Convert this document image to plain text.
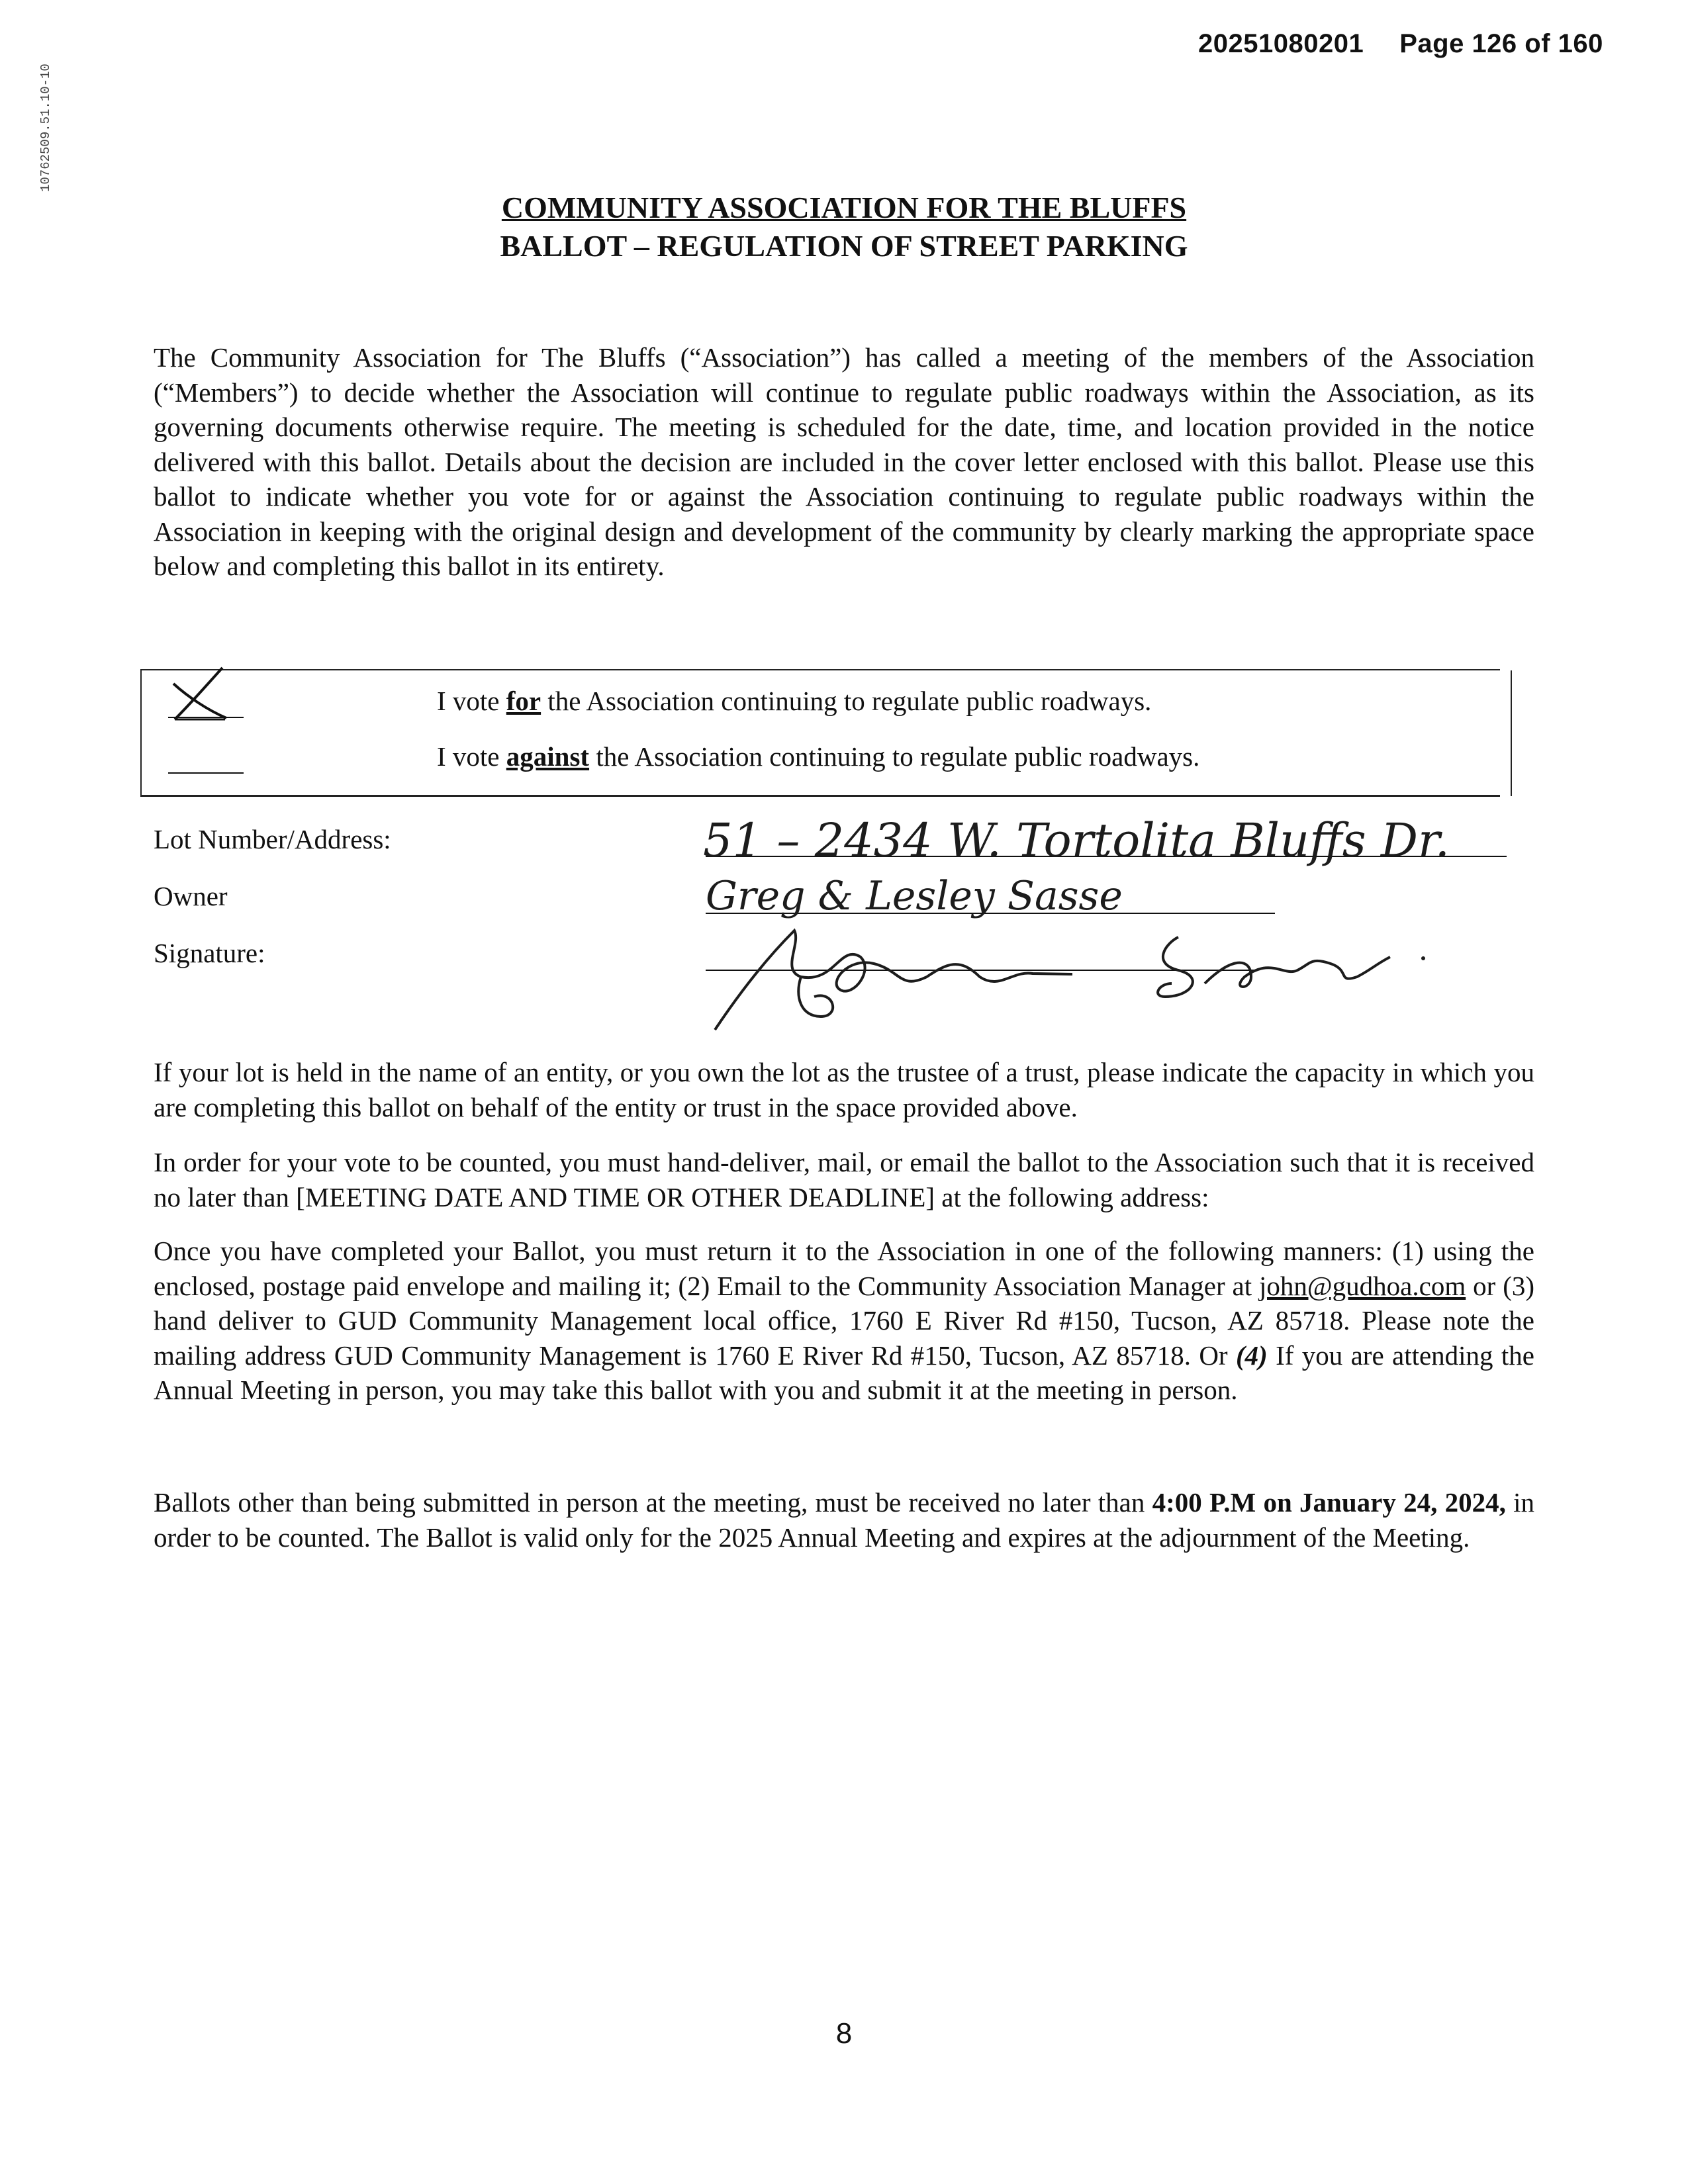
20251080201 Page 126 of 160
10762509.51.10-10
COMMUNITY ASSOCIATION FOR THE BLUFFS
BALLOT – REGULATION OF STREET PARKING
The Community Association for The Bluffs (“Association”) has called a meeting of the members of the Association (“Members”) to decide whether the Association will continue to regulate public roadways within the Association, as its governing documents otherwise require. The meeting is scheduled for the date, time, and location provided in the notice delivered with this ballot. Details about the decision are included in the cover letter enclosed with this ballot. Please use this ballot to indicate whether you vote for or against the Association continuing to regulate public roadways within the Association in keeping with the original design and development of the community by clearly marking the appropriate space below and completing this ballot in its entirety.
I vote for the Association continuing to regulate public roadways.
I vote against the Association continuing to regulate public roadways.
Lot Number/Address:
Owner
Signature:
51 – 2434 W. Tortolita Bluffs Dr.
Greg & Lesley Sasse
If your lot is held in the name of an entity, or you own the lot as the trustee of a trust, please indicate the capacity in which you are completing this ballot on behalf of the entity or trust in the space provided above.
In order for your vote to be counted, you must hand-deliver, mail, or email the ballot to the Association such that it is received no later than [MEETING DATE AND TIME OR OTHER DEADLINE] at the following address:
Once you have completed your Ballot, you must return it to the Association in one of the following manners: (1) using the enclosed, postage paid envelope and mailing it; (2) Email to the Community Association Manager at john@gudhoa.com or (3) hand deliver to GUD Community Management local office, 1760 E River Rd #150, Tucson, AZ 85718. Please note the mailing address GUD Community Management is 1760 E River Rd #150, Tucson, AZ 85718. Or (4) If you are attending the Annual Meeting in person, you may take this ballot with you and submit it at the meeting in person.
Ballots other than being submitted in person at the meeting, must be received no later than 4:00 P.M on January 24, 2024, in order to be counted. The Ballot is valid only for the 2025 Annual Meeting and expires at the adjournment of the Meeting.
8
